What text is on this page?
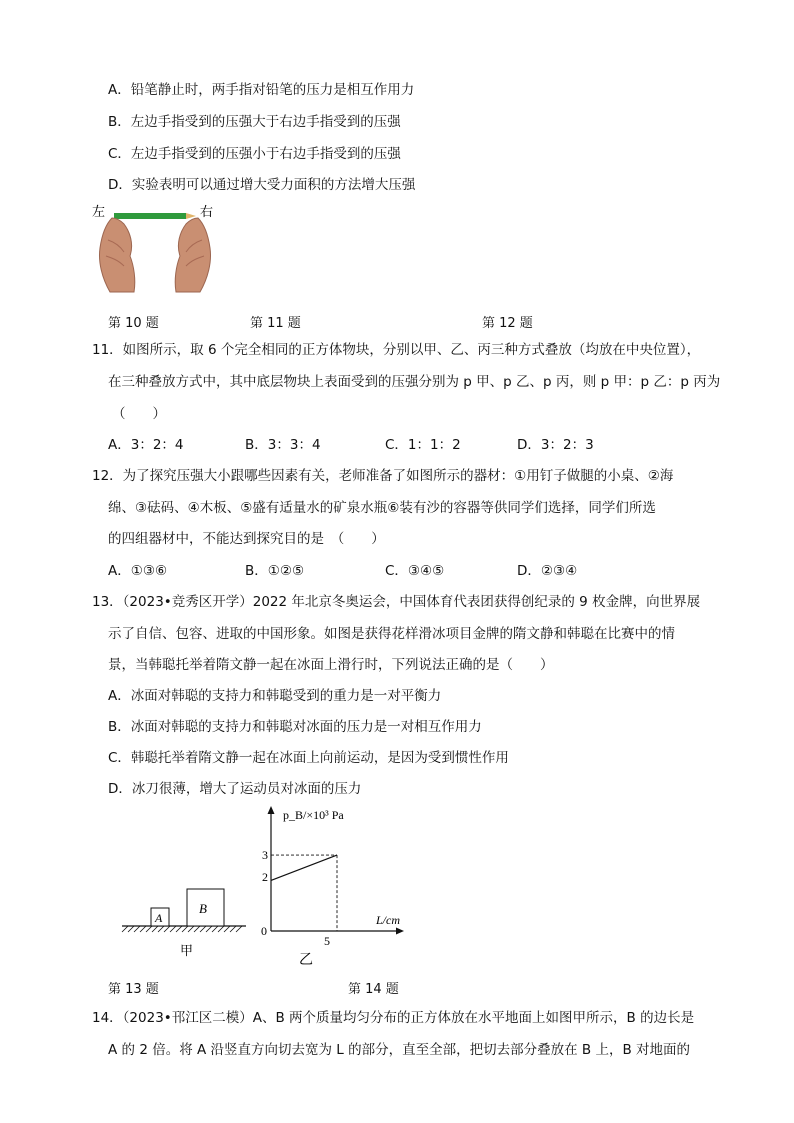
A．铅笔静止时，两手指对铅笔的压力是相互作用力
B．左边手指受到的压强大于右边手指受到的压强
C．左边手指受到的压强小于右边手指受到的压强
D．实验表明可以通过增大受力面积的方法增大压强
左	右
第 10 题	第 11 题	第 12 题
11．如图所示，取 6 个完全相同的正方体物块，分别以甲、乙、丙三种方式叠放（均放在中央位置），
在三种叠放方式中，其中底层物块上表面受到的压强分别为 p 甲、p 乙、p 丙，则 p 甲：p 乙：p 丙为
（　　）
A．3：2：4	B．3：3：4	C．1：1：2	D．3：2：3
12．为了探究压强大小跟哪些因素有关，老师准备了如图所示的器材：①用钉子做腿的小桌、②海
绵、③砝码、④木板、⑤盛有适量水的矿泉水瓶⑥装有沙的容器等供同学们选择，同学们所选
的四组器材中，不能达到探究目的是　（　　）
A．①③⑥	B．①②⑤	C．③④⑤	D．②③④
13．（2023•竞秀区开学）2022 年北京冬奥运会，中国体育代表团获得创纪录的 9 枚金牌，向世界展
示了自信、包容、进取的中国形象。如图是获得花样滑冰项目金牌的隋文静和韩聪在比赛中的情
景，当韩聪托举着隋文静一起在冰面上滑行时，下列说法正确的是（　　）
A．冰面对韩聪的支持力和韩聪受到的重力是一对平衡力
B．冰面对韩聪的支持力和韩聪对冰面的压力是一对相互作用力
C．韩聪托举着隋文静一起在冰面上向前运动，是因为受到惯性作用
D．冰刀很薄，增大了运动员对冰面的压力
A
B
甲
p_B/×10³ Pa
L/cm
0
3
2
5
乙
第 13 题	第 14 题
14．（2023•邗江区二模）A、B 两个质量均匀分布的正方体放在水平地面上如图甲所示，B 的边长是
A 的 2 倍。将 A 沿竖直方向切去宽为 L 的部分，直至全部，把切去部分叠放在 B 上，B 对地面的
